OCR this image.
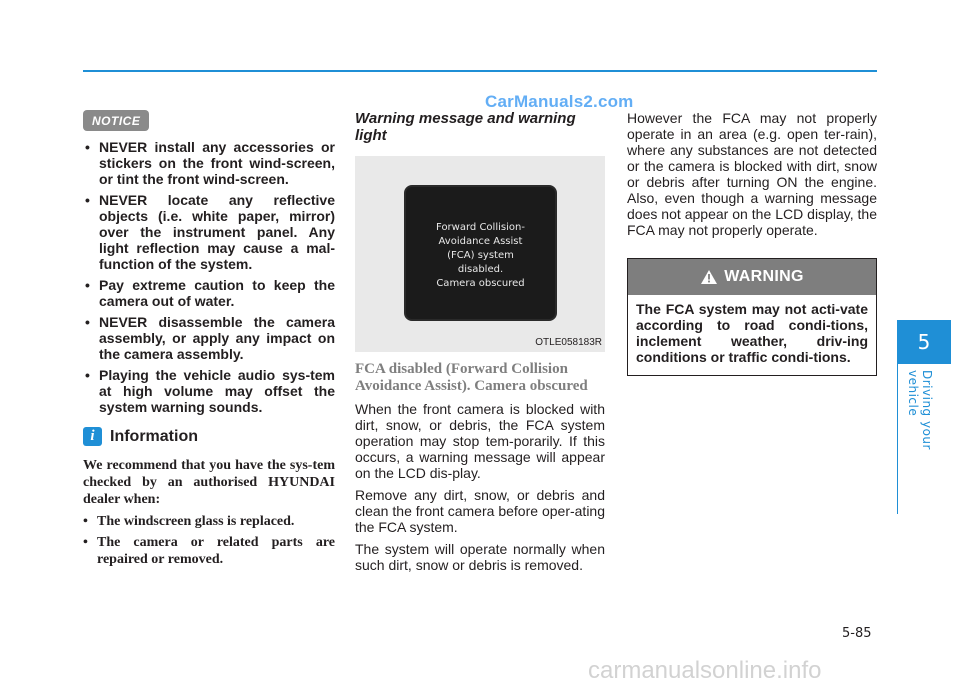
CarManuals2.com
NOTICE
• NEVER install any accessories or stickers on the front wind-screen, or tint the front wind-screen.
• NEVER locate any reflective objects (i.e. white paper, mirror) over the instrument panel. Any light reflection may cause a mal-function of the system.
• Pay extreme caution to keep the camera out of water.
• NEVER disassemble the camera assembly, or apply any impact on the camera assembly.
• Playing the vehicle audio sys-tem at high volume may offset the system warning sounds.
i Information
We recommend that you have the sys-tem checked by an authorised HYUNDAI dealer when:
• The windscreen glass is replaced.
• The camera or related parts are repaired or removed.
Warning message and warning light
Forward Collision-
Avoidance Assist
(FCA) system
disabled.
Camera obscured
OTLE058183R
FCA disabled (Forward Collision Avoidance Assist). Camera obscured

When the front camera is blocked with dirt, snow, or debris, the FCA system operation may stop tem-porarily. If this occurs, a warning message will appear on the LCD dis-play.

Remove any dirt, snow, or debris and clean the front camera before oper-ating the FCA system.

The system will operate normally when such dirt, snow or debris is removed.

However the FCA may not properly operate in an area (e.g. open ter-rain), where any substances are not detected or the camera is blocked with dirt, snow or debris after turning ON the engine. Also, even though a warning message does not appear on the LCD display, the FCA may not properly operate.

WARNING
The FCA system may not acti-vate according to road condi-tions, inclement weather, driv-ing conditions or traffic condi-tions.
5
Driving your vehicle
5-85
carmanualsonline.info
